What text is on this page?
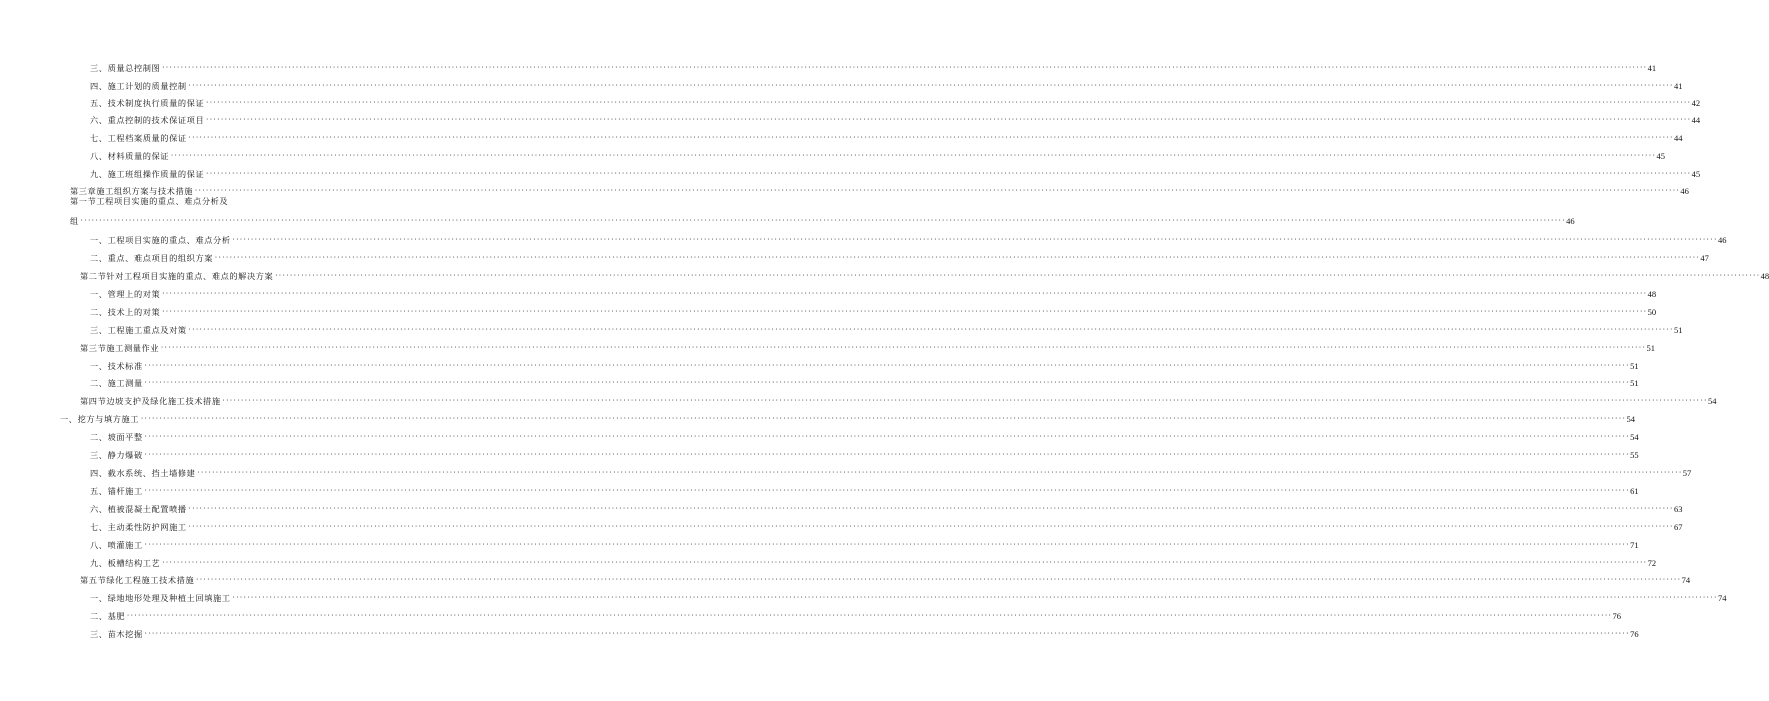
第一节工程项目实施的重点、难点分析及
三、质量总控制图 ················································································································································································································································································································································································································ 41
四、施工计划的质量控制 ················································································································································································································································································································································································································ 41
五、技术制度执行质量的保证 ················································································································································································································································································································································································································ 42
六、重点控制的技术保证项目 ················································································································································································································································································································································································································ 44
七、工程档案质量的保证 ················································································································································································································································································································································································································ 44
八、材料质量的保证 ················································································································································································································································································································································································································ 45
九、施工班组操作质量的保证 ················································································································································································································································································································································································································ 45
第三章施工组织方案与技术措施 ················································································································································································································································································································································································································ 46
组 ················································································································································································································································································································································································································ 46
一、工程项目实施的重点、难点分析 ················································································································································································································································································································································································································ 46
二、重点、难点项目的组织方案 ················································································································································································································································································································································································································ 47
第二节针对工程项目实施的重点、难点的解决方案 ················································································································································································································································································································································································································ 48
一、管理上的对策 ················································································································································································································································································································································································································ 48
二、技术上的对策 ················································································································································································································································································································································································································ 50
三、工程施工重点及对策 ················································································································································································································································································································································································································ 51
第三节施工测量作业 ················································································································································································································································································································································································································ 51
一、技术标准 ················································································································································································································································································································································································································ 51
二、施工测量 ················································································································································································································································································································································································································ 51
第四节边坡支护及绿化施工技术措施 ················································································································································································································································································································································································································ 54
一、挖方与填方施工 ················································································································································································································································································································································································································ 54
二、坡面平整 ················································································································································································································································································································································································································ 54
三、静力爆破 ················································································································································································································································································································································································································ 55
四、截水系统、挡土墙修建 ················································································································································································································································································································································································································ 57
五、锚杆施工 ················································································································································································································································································································································································································ 61
六、植被混凝土配置喷播 ················································································································································································································································································································································································································ 63
七、主动柔性防护网施工 ················································································································································································································································································································································································································ 67
八、喷灌施工 ················································································································································································································································································································································································································ 71
九、板槽结构工艺 ················································································································································································································································································································································································································ 72
第五节绿化工程施工技术措施 ················································································································································································································································································································································································································ 74
一、绿地地形处理及种植土回填施工 ················································································································································································································································································································································································································ 74
二、基肥 ················································································································································································································································································································································································································ 76
三、苗木挖掘 ················································································································································································································································································································································································································ 76
